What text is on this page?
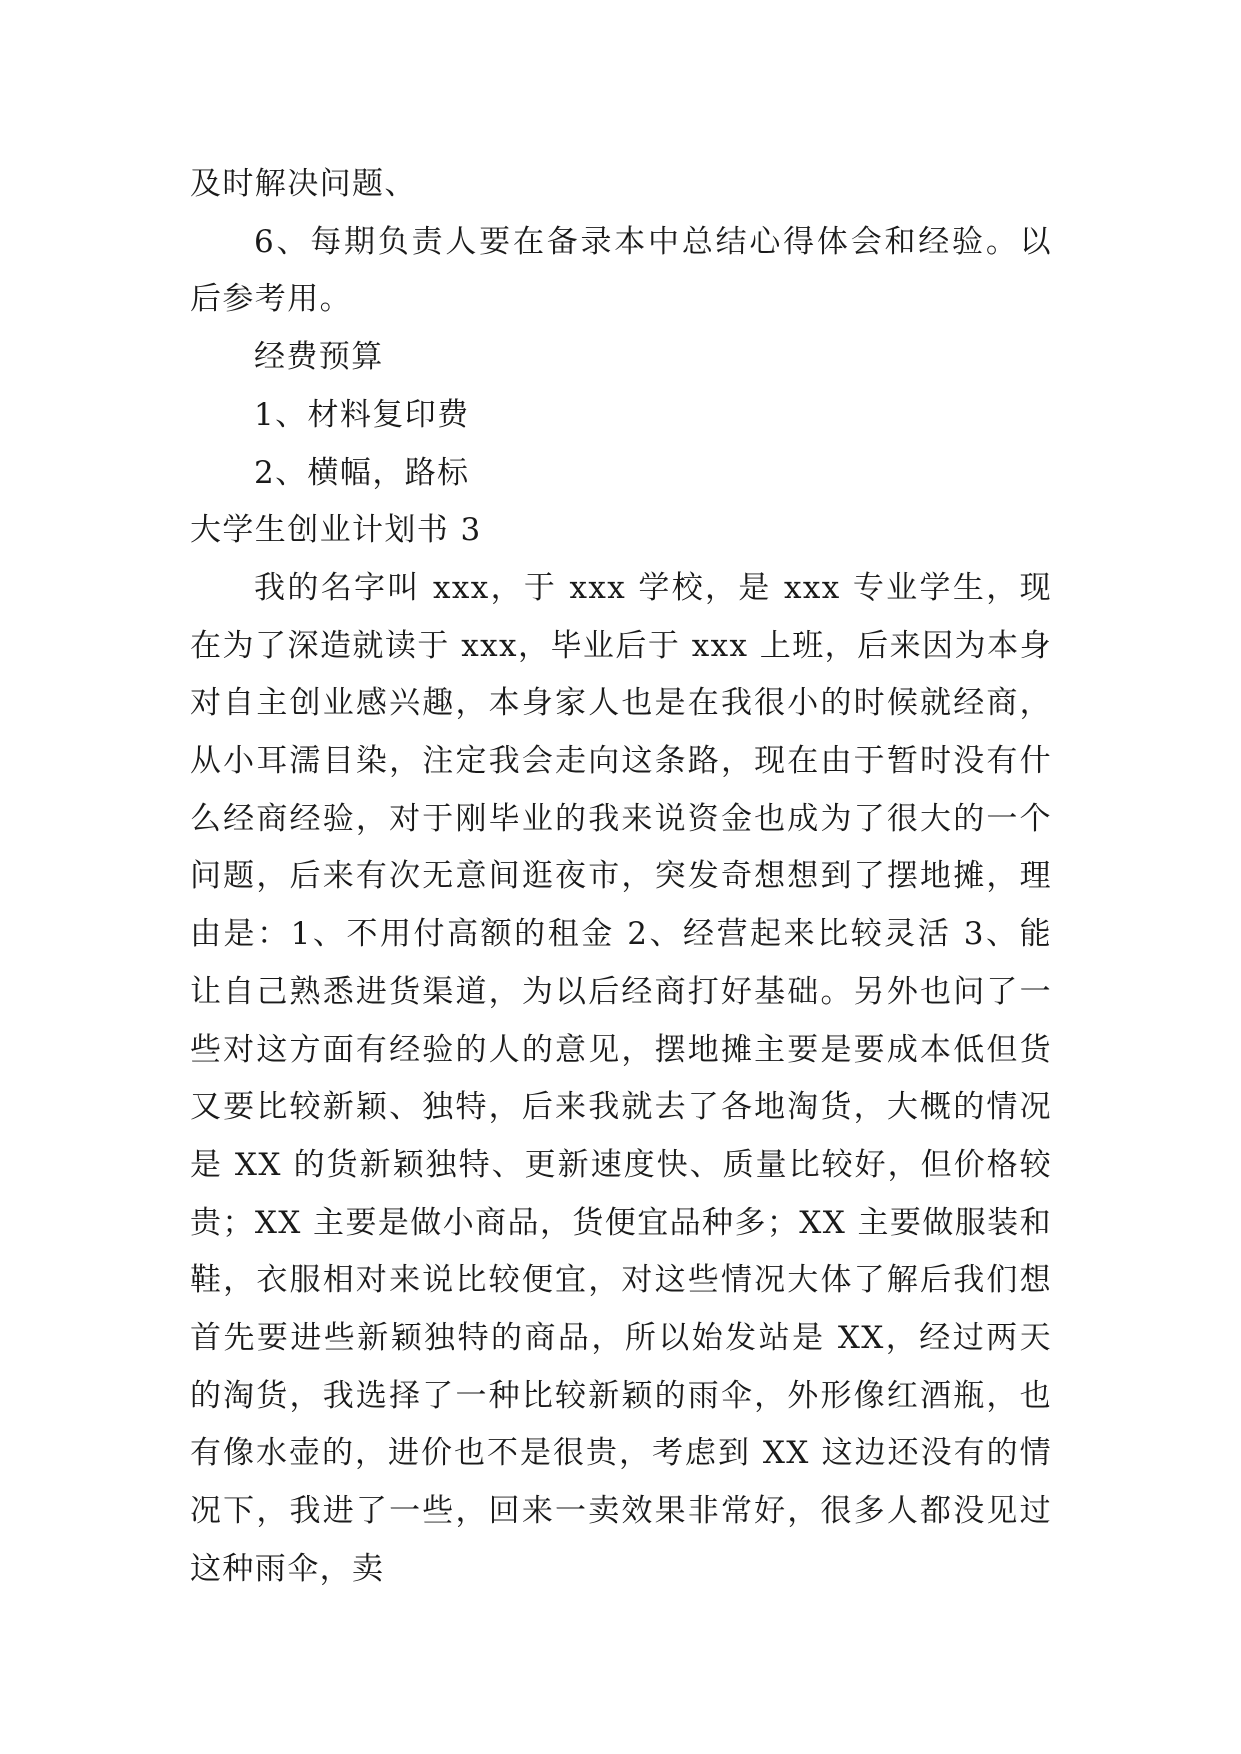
及时解决问题、

6、每期负责人要在备录本中总结心得体会和经验。以后参考用。

经费预算

1、材料复印费

2、横幅，路标

大学生创业计划书 3

我的名字叫 xxx，于 xxx 学校，是 xxx 专业学生，现在为了深造就读于 xxx，毕业后于 xxx 上班，后来因为本身对自主创业感兴趣，本身家人也是在我很小的时候就经商，从小耳濡目染，注定我会走向这条路，现在由于暂时没有什么经商经验，对于刚毕业的我来说资金也成为了很大的一个问题，后来有次无意间逛夜市，突发奇想想到了摆地摊，理由是：1、不用付高额的租金 2、经营起来比较灵活 3、能让自己熟悉进货渠道，为以后经商打好基础。另外也问了一些对这方面有经验的人的意见，摆地摊主要是要成本低但货又要比较新颖、独特，后来我就去了各地淘货，大概的情况是 XX 的货新颖独特、更新速度快、质量比较好，但价格较贵；XX 主要是做小商品，货便宜品种多；XX 主要做服装和鞋，衣服相对来说比较便宜，对这些情况大体了解后我们想首先要进些新颖独特的商品，所以始发站是 XX，经过两天的淘货，我选择了一种比较新颖的雨伞，外形像红酒瓶，也有像水壶的，进价也不是很贵，考虑到 XX 这边还没有的情况下，我进了一些，回来一卖效果非常好，很多人都没见过这种雨伞，卖
